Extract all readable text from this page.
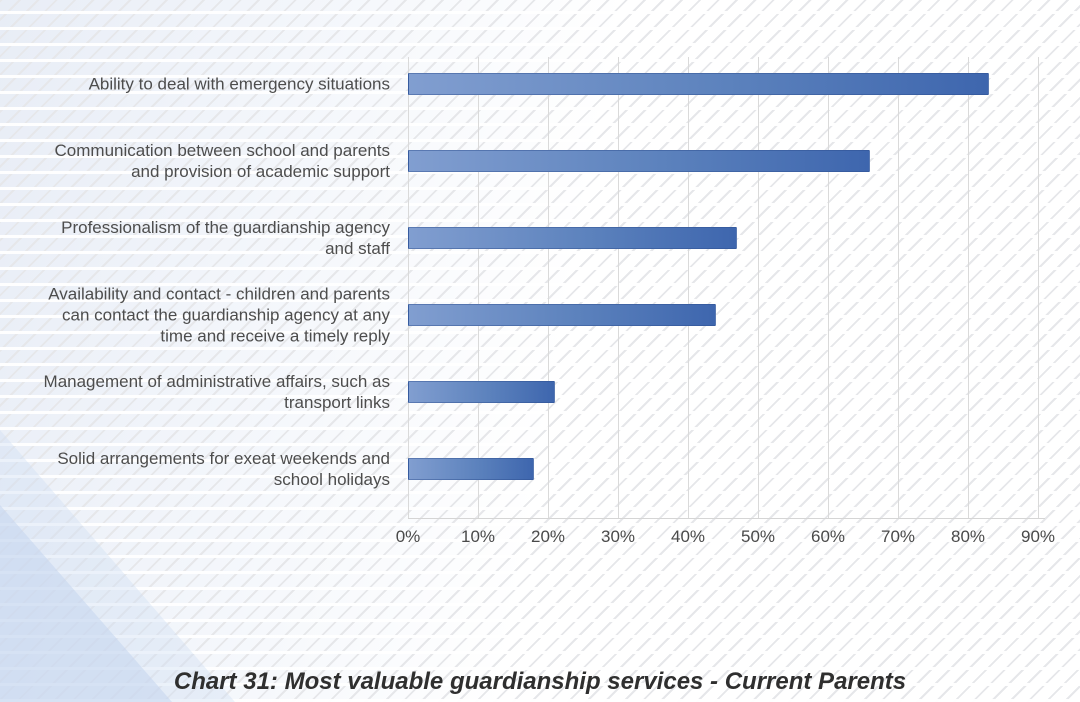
Ability to deal with emergency situations
Communication between school and parents and provision of academic support
Professionalism of the guardianship agency and staff
Availability and contact - children and parents can contact the guardianship agency at any time and receive a timely reply
Management of administrative affairs, such as transport links
Solid arrangements for exeat weekends and school holidays
0% 10% 20% 30% 40% 50% 60% 70% 80% 90%
Chart 31: Most valuable guardianship services - Current Parents
